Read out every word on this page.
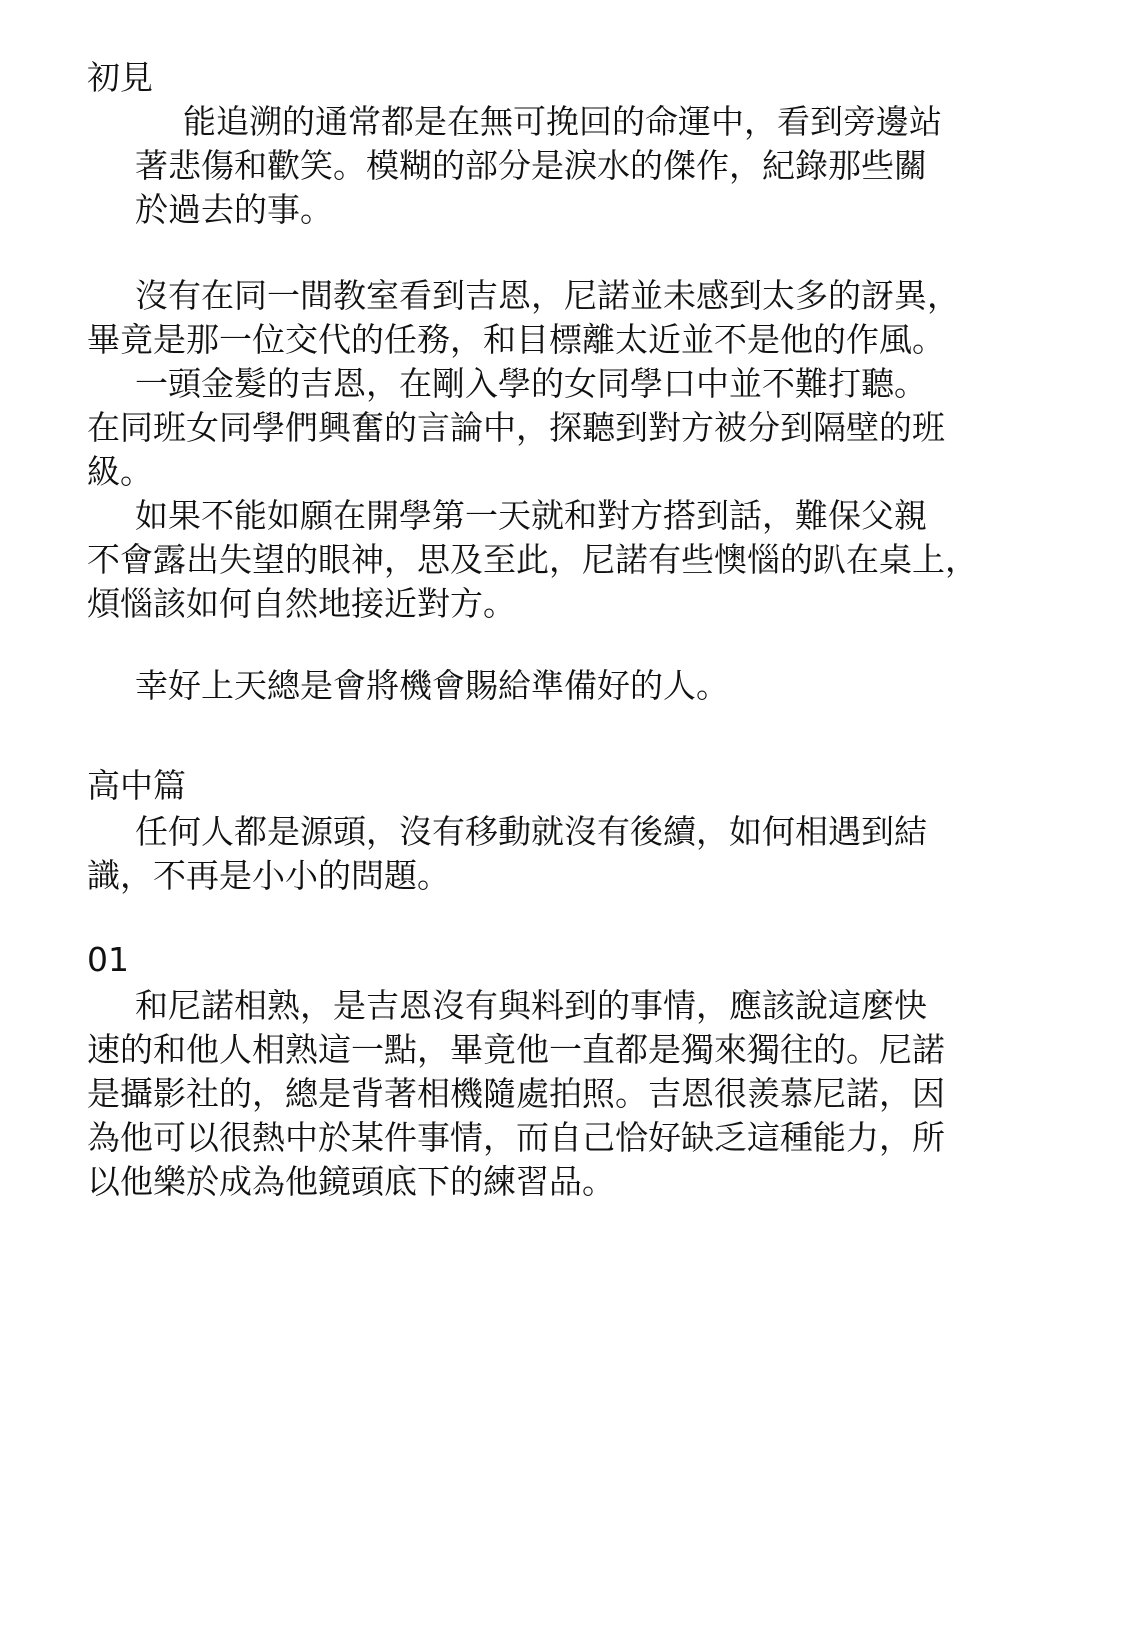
初見

能追溯的通常都是在無可挽回的命運中，看到旁邊站

著悲傷和歡笑。模糊的部分是淚水的傑作，紀錄那些關

於過去的事。

沒有在同一間教室看到吉恩，尼諾並未感到太多的訝異，

畢竟是那一位交代的任務，和目標離太近並不是他的作風。

一頭金髮的吉恩，在剛入學的女同學口中並不難打聽。

在同班女同學們興奮的言論中，探聽到對方被分到隔壁的班

級。

如果不能如願在開學第一天就和對方搭到話，難保父親

不會露出失望的眼神，思及至此，尼諾有些懊惱的趴在桌上，

煩惱該如何自然地接近對方。

幸好上天總是會將機會賜給準備好的人。

高中篇

任何人都是源頭，沒有移動就沒有後續，如何相遇到結

識，不再是小小的問題。

01

和尼諾相熟，是吉恩沒有與料到的事情，應該說這麼快

速的和他人相熟這一點，畢竟他一直都是獨來獨往的。尼諾

是攝影社的，總是背著相機隨處拍照。吉恩很羨慕尼諾，因

為他可以很熱中於某件事情，而自己恰好缺乏這種能力，所

以他樂於成為他鏡頭底下的練習品。
